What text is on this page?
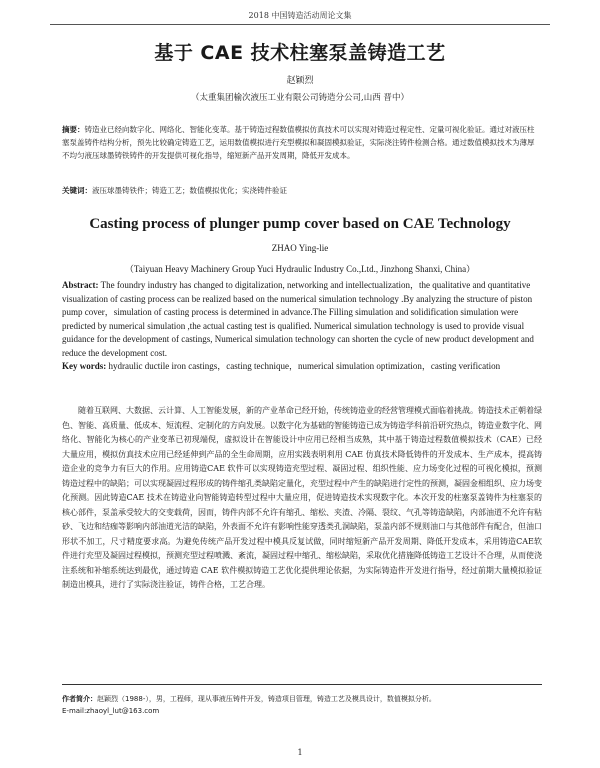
2018 中国铸造活动周论文集
基于 CAE 技术柱塞泵盖铸造工艺
赵颖烈
（太重集团榆次液压工业有限公司铸造分公司,山西 晋中）
摘要：铸造业已经向数字化、网络化、智能化变革。基于铸造过程数值模拟仿真技术可以实现对铸造过程定性、定量可视化验证。通过对液压柱塞泵盖铸件结构分析，预先比较确定铸造工艺，运用数值模拟进行充型模拟和凝固模拟验证，实际浇注铸件检测合格。通过数值模拟技术为薄厚不均匀液压球墨铸铁铸件的开发提供可视化指导，缩短新产品开发周期，降低开发成本。
关键词：液压球墨铸铁件；铸造工艺；数值模拟优化；实浇铸件验证
Casting process of plunger pump cover based on CAE Technology
ZHAO Ying-lie
（Taiyuan Heavy Machinery Group Yuci Hydraulic Industry Co.,Ltd., Jinzhong Shanxi, China）
Abstract: The foundry industry has changed to digitalization, networking and intellectualization，the qualitative and quantitative visualization of casting process can be realized based on the numerical simulation technology .By analyzing the structure of piston pump cover，simulation of casting process is determined in advance.The Filling simulation and solidification simulation were predicted by numerical simulation ,the actual casting test is qualified. Numerical simulation technology is used to provide visual guidance for the development of castings, Numerical simulation technology can shorten the cycle of new product development and reduce the development cost.
Key words: hydraulic ductile iron castings，casting technique，numerical simulation optimization，casting verification
随着互联网、大数据、云计算、人工智能发展，新的产业革命已经开始，传统铸造业的经营管理模式面临着挑战。铸造技术正朝着绿色、智能、高质量、低成本、短流程、定制化的方向发展。以数字化为基础的智能铸造已成为铸造学科前沿研究热点，铸造业数字化、网络化、智能化为核心的产业变革已初现端倪，虚拟设计在智能设计中应用已经相当成熟，其中基于铸造过程数值模拟技术（CAE）已经大量应用，模拟仿真技术应用已经延伸到产品的全生命周期，应用实践表明利用 CAE 仿真技术降低铸件的开发成本、生产成本，提高铸造企业的竞争力有巨大的作用。应用铸造CAE 软件可以实现铸造充型过程、凝固过程、组织性能、应力场变化过程的可视化模拟，预测铸造过程中的缺陷；可以实现凝固过程形成的铸件缩孔类缺陷定量化，充型过程中产生的缺陷进行定性的预测，凝固金相组织、应力场变化预测。因此铸造CAE 技术在铸造业向智能铸造转型过程中大量应用，促进铸造技术实现数字化。本次开发的柱塞泵盖铸件为柱塞泵的核心部件，泵盖承受较大的交变载荷，因而，铸件内部不允许有缩孔、缩松、夹渣、冷隔、裂纹、气孔等铸造缺陷，内部油道不允许有粘砂、飞边和结痂等影响内部油道光洁的缺陷，外表面不允许有影响性能穿透类孔洞缺陷，泵盖内部不规则油口与其他部件有配合，但油口形状不加工，尺寸精度要求高。为避免传统产品开发过程中模具反复试做，同时缩短新产品开发周期、降低开发成本，采用铸造CAE软件进行充型及凝固过程模拟，预测充型过程喷溅、紊流，凝固过程中缩孔、缩松缺陷，采取优化措施降低铸造工艺设计不合理，从而使浇注系统和补缩系统达到最优，通过铸造 CAE 软件模拟铸造工艺优化提供理论依据，为实际铸造件开发进行指导，经过前期大量模拟验证制造出模具，进行了实际浇注验证，铸件合格，工艺合理。
作者简介：赵颖烈（1988-），男，工程师，现从事液压铸件开发，铸造项目管理，铸造工艺及模具设计，数值模拟分析。
E-mail:zhaoyl_lut@163.com
1
